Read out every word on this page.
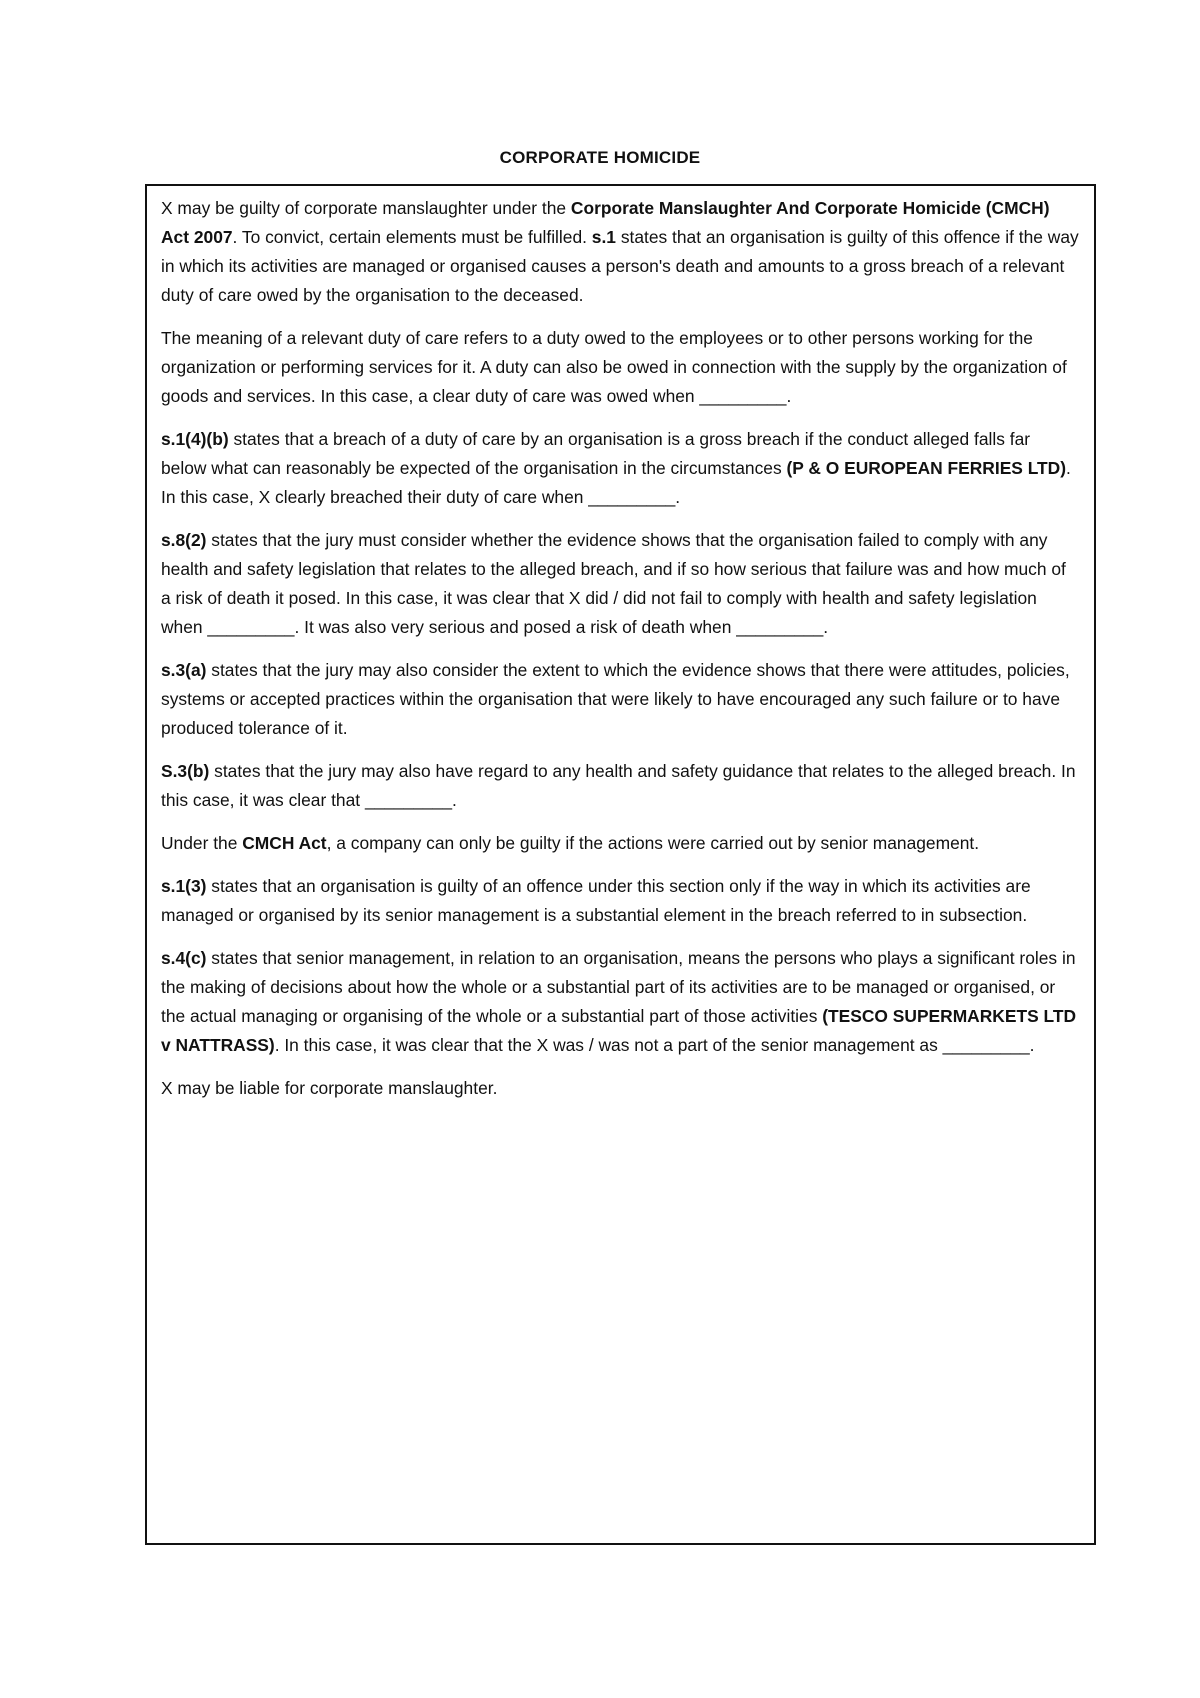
CORPORATE HOMICIDE

X may be guilty of corporate manslaughter under the Corporate Manslaughter And Corporate Homicide (CMCH) Act 2007. To convict, certain elements must be fulfilled. s.1 states that an organisation is guilty of this offence if the way in which its activities are managed or organised causes a person's death and amounts to a gross breach of a relevant duty of care owed by the organisation to the deceased.

The meaning of a relevant duty of care refers to a duty owed to the employees or to other persons working for the organization or performing services for it. A duty can also be owed in connection with the supply by the organization of goods and services. In this case, a clear duty of care was owed when _________.

s.1(4)(b) states that a breach of a duty of care by an organisation is a gross breach if the conduct alleged falls far below what can reasonably be expected of the organisation in the circumstances (P & O EUROPEAN FERRIES LTD). In this case, X clearly breached their duty of care when _________.

s.8(2) states that the jury must consider whether the evidence shows that the organisation failed to comply with any health and safety legislation that relates to the alleged breach, and if so how serious that failure was and how much of a risk of death it posed. In this case, it was clear that X did / did not fail to comply with health and safety legislation when _________. It was also very serious and posed a risk of death when _________.

s.3(a) states that the jury may also consider the extent to which the evidence shows that there were attitudes, policies, systems or accepted practices within the organisation that were likely to have encouraged any such failure or to have produced tolerance of it.

S.3(b) states that the jury may also have regard to any health and safety guidance that relates to the alleged breach. In this case, it was clear that _________.

Under the CMCH Act, a company can only be guilty if the actions were carried out by senior management.

s.1(3) states that an organisation is guilty of an offence under this section only if the way in which its activities are managed or organised by its senior management is a substantial element in the breach referred to in subsection.

s.4(c) states that senior management, in relation to an organisation, means the persons who plays a significant roles in the making of decisions about how the whole or a substantial part of its activities are to be managed or organised, or the actual managing or organising of the whole or a substantial part of those activities (TESCO SUPERMARKETS LTD v NATTRASS). In this case, it was clear that the X was / was not a part of the senior management as _________.

X may be liable for corporate manslaughter.
